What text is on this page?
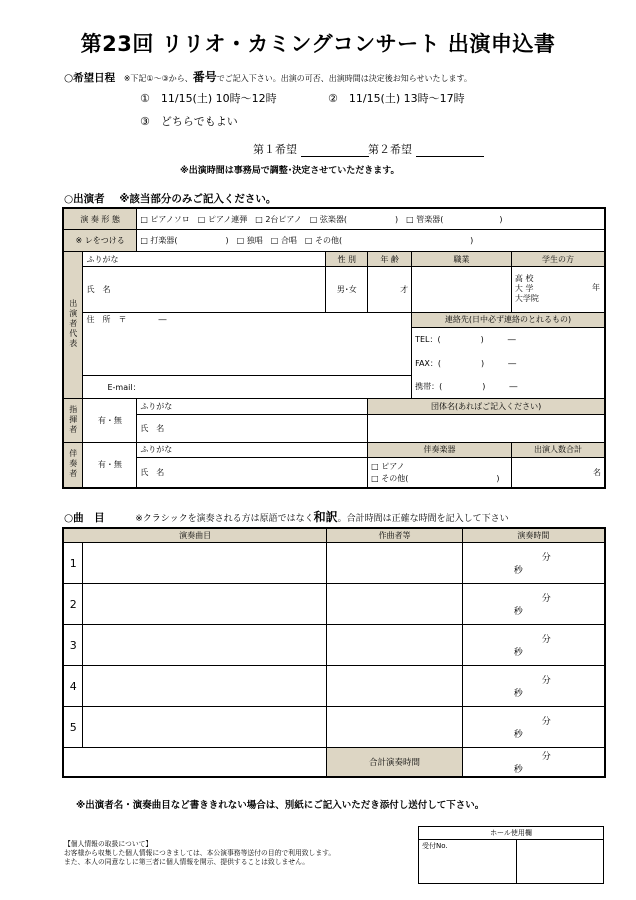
第23回 リリオ・カミングコンサート 出演申込書
○希望日程 ※下記①～③から、番号でご記入下さい。出演の可否、出演時間は決定後お知らせいたします。
①　11/15(土) 10時～12時	②　11/15(土) 13時～17時
③　どちらでもよい
第１希望	第２希望
※出演時間は事務局で調整･決定させていただきます。
○出演者 ※該当部分のみご記入ください。
演 奏 形 態		□ ピアノソロ　□ ピアノ連弾　□ 2台ピアノ　□ 弦楽器(　　　　　　)　□ 管楽器(　　　　　　　)				
※ レをつける		□ 打楽器(　　　　　　)　□ 独唱　□ 合唱　□ その他(　　　　　　　　　　　　　　　　)				
出演者代表	ふりがな		性 別	年 齢	職業	学生の方
	氏　名		男･女	才		高 校
大 学
大学院
年

	住　所　〒　　　　―				連絡先(日中必ず連絡のとれるもの)	
					TEL：(　　　　　)　　　―	
					FAX：(　　　　　)　　　―	
	E-mail：				携帯：(　　　　　)　　　―	
指揮者	有・無	ふりがな		団体名(あればご記入ください)		
		氏　名				
伴奏者	有・無	ふりがな		伴奏楽器		出演人数合計
		氏　名		□ ピアノ
□ その他(　　　　　　　　　　　)		名
○曲　目	※クラシックを演奏される方は原語ではなく和訳。合計時間は正確な時間を記入して下さい
演奏曲目		作曲者等	演奏時間
1			分秒
2			分秒
3			分秒
4			分秒
5			分秒
		合計演奏時間	分秒
※出演者名・演奏曲目など書ききれない場合は、別紙にご記入いただき添付し送付して下さい。
【個人情報の取扱について】
お客様から収集した個人情報につきましては、本公演事務等送付の目的で利用致します。
また、本人の同意なしに第三者に個人情報を開示、提供することは致しません。
ホール使用欄
受付No.	
